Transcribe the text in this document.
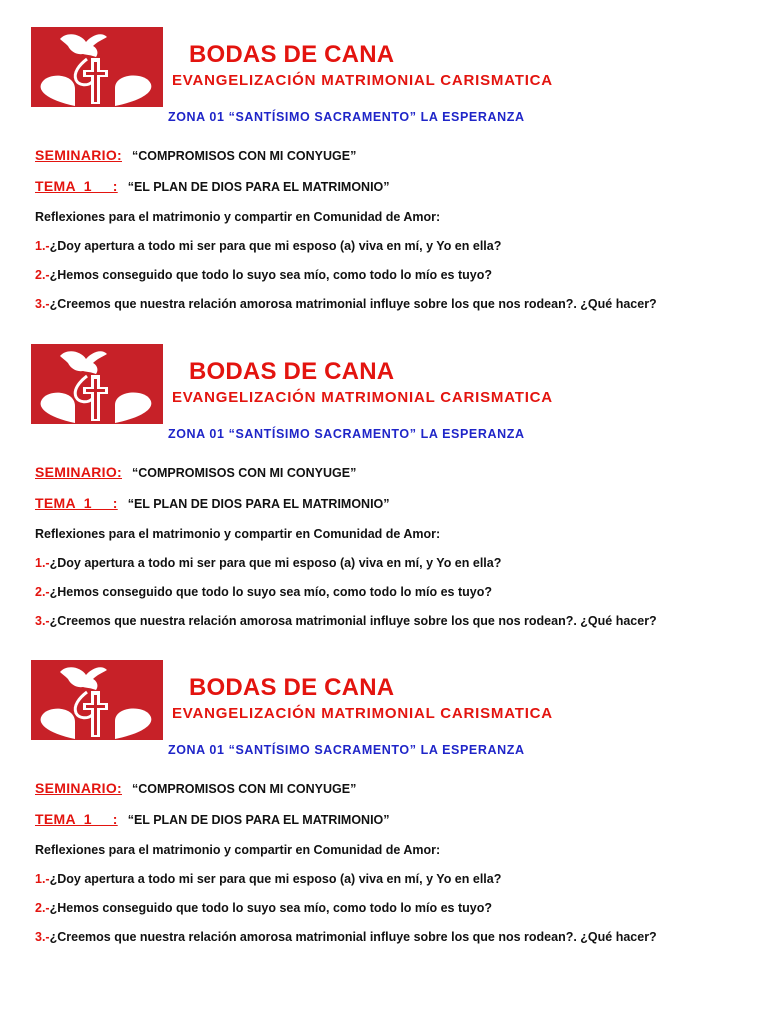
BODAS DE CANA
EVANGELIZACIÓN MATRIMONIAL CARISMATICA
ZONA 01 “SANTÍSIMO SACRAMENTO” LA ESPERANZA
SEMINARIO: “COMPROMISOS CON MI CONYUGE”
TEMA  1     : “EL PLAN DE DIOS PARA EL MATRIMONIO”
Reflexiones para el matrimonio y compartir en Comunidad de Amor:
1.-¿Doy apertura a todo mi ser para que mi esposo (a) viva en mí, y Yo en ella?
2.-¿Hemos conseguido que todo lo suyo sea mío, como todo lo mío es tuyo?
3.-¿Creemos que nuestra relación amorosa matrimonial influye sobre los que nos rodean?. ¿Qué hacer?
BODAS DE CANA
EVANGELIZACIÓN MATRIMONIAL CARISMATICA
ZONA 01 “SANTÍSIMO SACRAMENTO” LA ESPERANZA
SEMINARIO: “COMPROMISOS CON MI CONYUGE”
TEMA  1     : “EL PLAN DE DIOS PARA EL MATRIMONIO”
Reflexiones para el matrimonio y compartir en Comunidad de Amor:
1.-¿Doy apertura a todo mi ser para que mi esposo (a) viva en mí, y Yo en ella?
2.-¿Hemos conseguido que todo lo suyo sea mío, como todo lo mío es tuyo?
3.-¿Creemos que nuestra relación amorosa matrimonial influye sobre los que nos rodean?. ¿Qué hacer?
BODAS DE CANA
EVANGELIZACIÓN MATRIMONIAL CARISMATICA
ZONA 01 “SANTÍSIMO SACRAMENTO” LA ESPERANZA
SEMINARIO: “COMPROMISOS CON MI CONYUGE”
TEMA  1     : “EL PLAN DE DIOS PARA EL MATRIMONIO”
Reflexiones para el matrimonio y compartir en Comunidad de Amor:
1.-¿Doy apertura a todo mi ser para que mi esposo (a) viva en mí, y Yo en ella?
2.-¿Hemos conseguido que todo lo suyo sea mío, como todo lo mío es tuyo?
3.-¿Creemos que nuestra relación amorosa matrimonial influye sobre los que nos rodean?. ¿Qué hacer?
